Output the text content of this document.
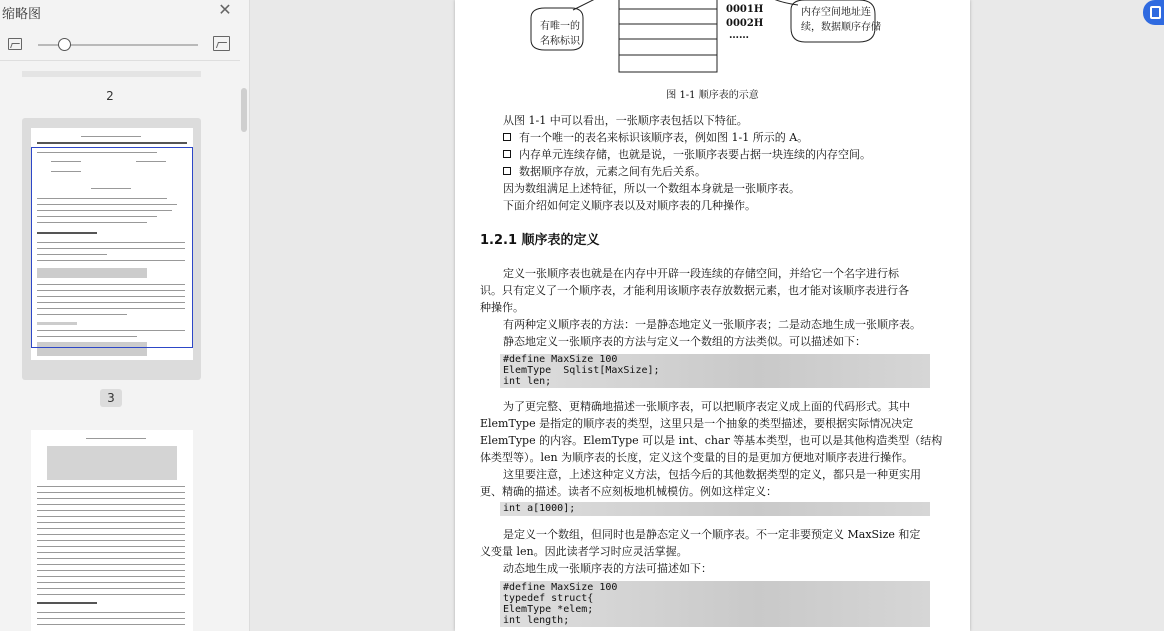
缩略图	✕
2
3
有唯一的
名称标识
0001H
0002H
……
内存空间地址连
续，数据顺序存储
图 1-1 顺序表的示意
从图 1-1 中可以看出，一张顺序表包括以下特征。
有一个唯一的表名来标识该顺序表，例如图 1-1 所示的 A。
内存单元连续存储，也就是说，一张顺序表要占据一块连续的内存空间。
数据顺序存放，元素之间有先后关系。
因为数组满足上述特征，所以一个数组本身就是一张顺序表。
下面介绍如何定义顺序表以及对顺序表的几种操作。
1.2.1 顺序表的定义
定义一张顺序表也就是在内存中开辟一段连续的存储空间，并给它一个名字进行标
识。只有定义了一个顺序表，才能利用该顺序表存放数据元素，也才能对该顺序表进行各
种操作。
有两种定义顺序表的方法：一是静态地定义一张顺序表；二是动态地生成一张顺序表。
静态地定义一张顺序表的方法与定义一个数组的方法类似。可以描述如下：
#define MaxSize 100
ElemType  Sqlist[MaxSize];
int len;
为了更完整、更精确地描述一张顺序表，可以把顺序表定义成上面的代码形式。其中
ElemType 是指定的顺序表的类型，这里只是一个抽象的类型描述，要根据实际情况决定
ElemType 的内容。ElemType 可以是 int、char 等基本类型，也可以是其他构造类型（结构
体类型等）。len 为顺序表的长度，定义这个变量的目的是更加方便地对顺序表进行操作。
这里要注意，上述这种定义方法，包括今后的其他数据类型的定义，都只是一种更实用
更、精确的描述。读者不应刻板地机械模仿。例如这样定义：
int a[1000];
是定义一个数组，但同时也是静态定义一个顺序表。不一定非要预定义 MaxSize 和定
义变量 len。因此读者学习时应灵活掌握。
动态地生成一张顺序表的方法可描述如下：
#define MaxSize 100
typedef struct{
ElemType *elem;
int length;
